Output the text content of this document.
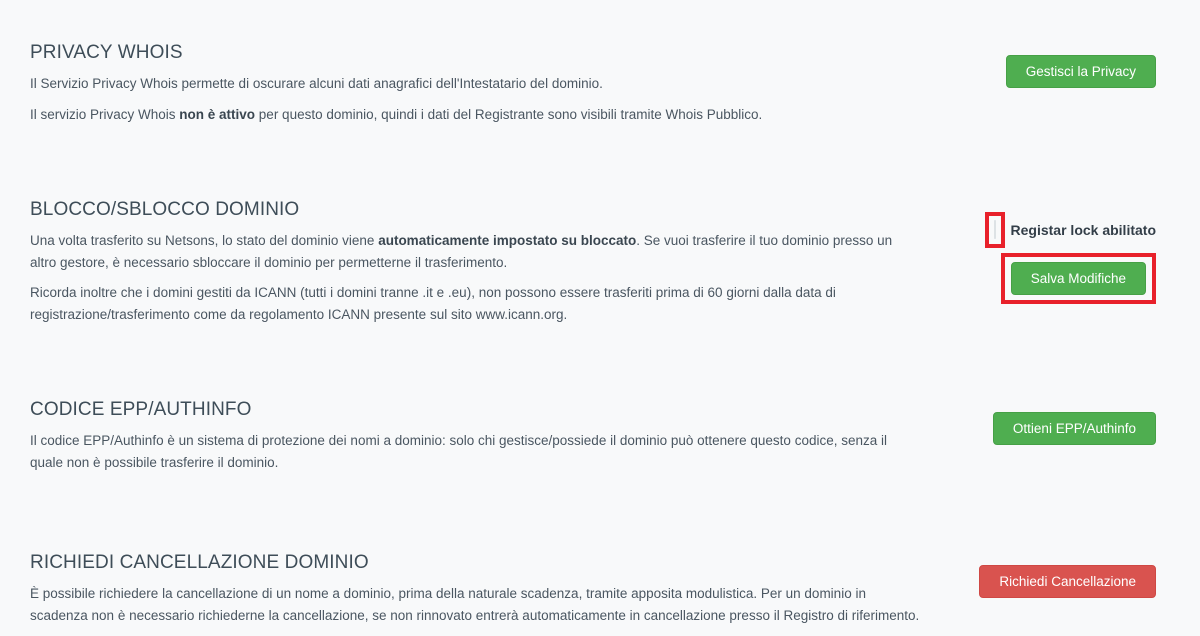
PRIVACY WHOIS

Il Servizio Privacy Whois permette di oscurare alcuni dati anagrafici dell'Intestatario del dominio.

Il servizio Privacy Whois non è attivo per questo dominio, quindi i dati del Registrante sono visibili tramite Whois Pubblico.

Gestisci la Privacy
BLOCCO/SBLOCCO DOMINIO

Una volta trasferito su Netsons, lo stato del dominio viene automaticamente impostato su bloccato. Se vuoi trasferire il tuo dominio presso un altro gestore, è necessario sbloccare il dominio per permetterne il trasferimento.

Ricorda inoltre che i domini gestiti da ICANN (tutti i domini tranne .it e .eu), non possono essere trasferiti prima di 60 giorni dalla data di registrazione/trasferimento come da regolamento ICANN presente sul sito www.icann.org.

Registar lock abilitato
Salva Modifiche
CODICE EPP/AUTHINFO

Il codice EPP/Authinfo è un sistema di protezione dei nomi a dominio: solo chi gestisce/possiede il dominio può ottenere questo codice, senza il quale non è possibile trasferire il dominio.

Ottieni EPP/Authinfo
RICHIEDI CANCELLAZIONE DOMINIO

È possibile richiedere la cancellazione di un nome a dominio, prima della naturale scadenza, tramite apposita modulistica. Per un dominio in scadenza non è necessario richiederne la cancellazione, se non rinnovato entrerà automaticamente in cancellazione presso il Registro di riferimento.

Richiedi Cancellazione
